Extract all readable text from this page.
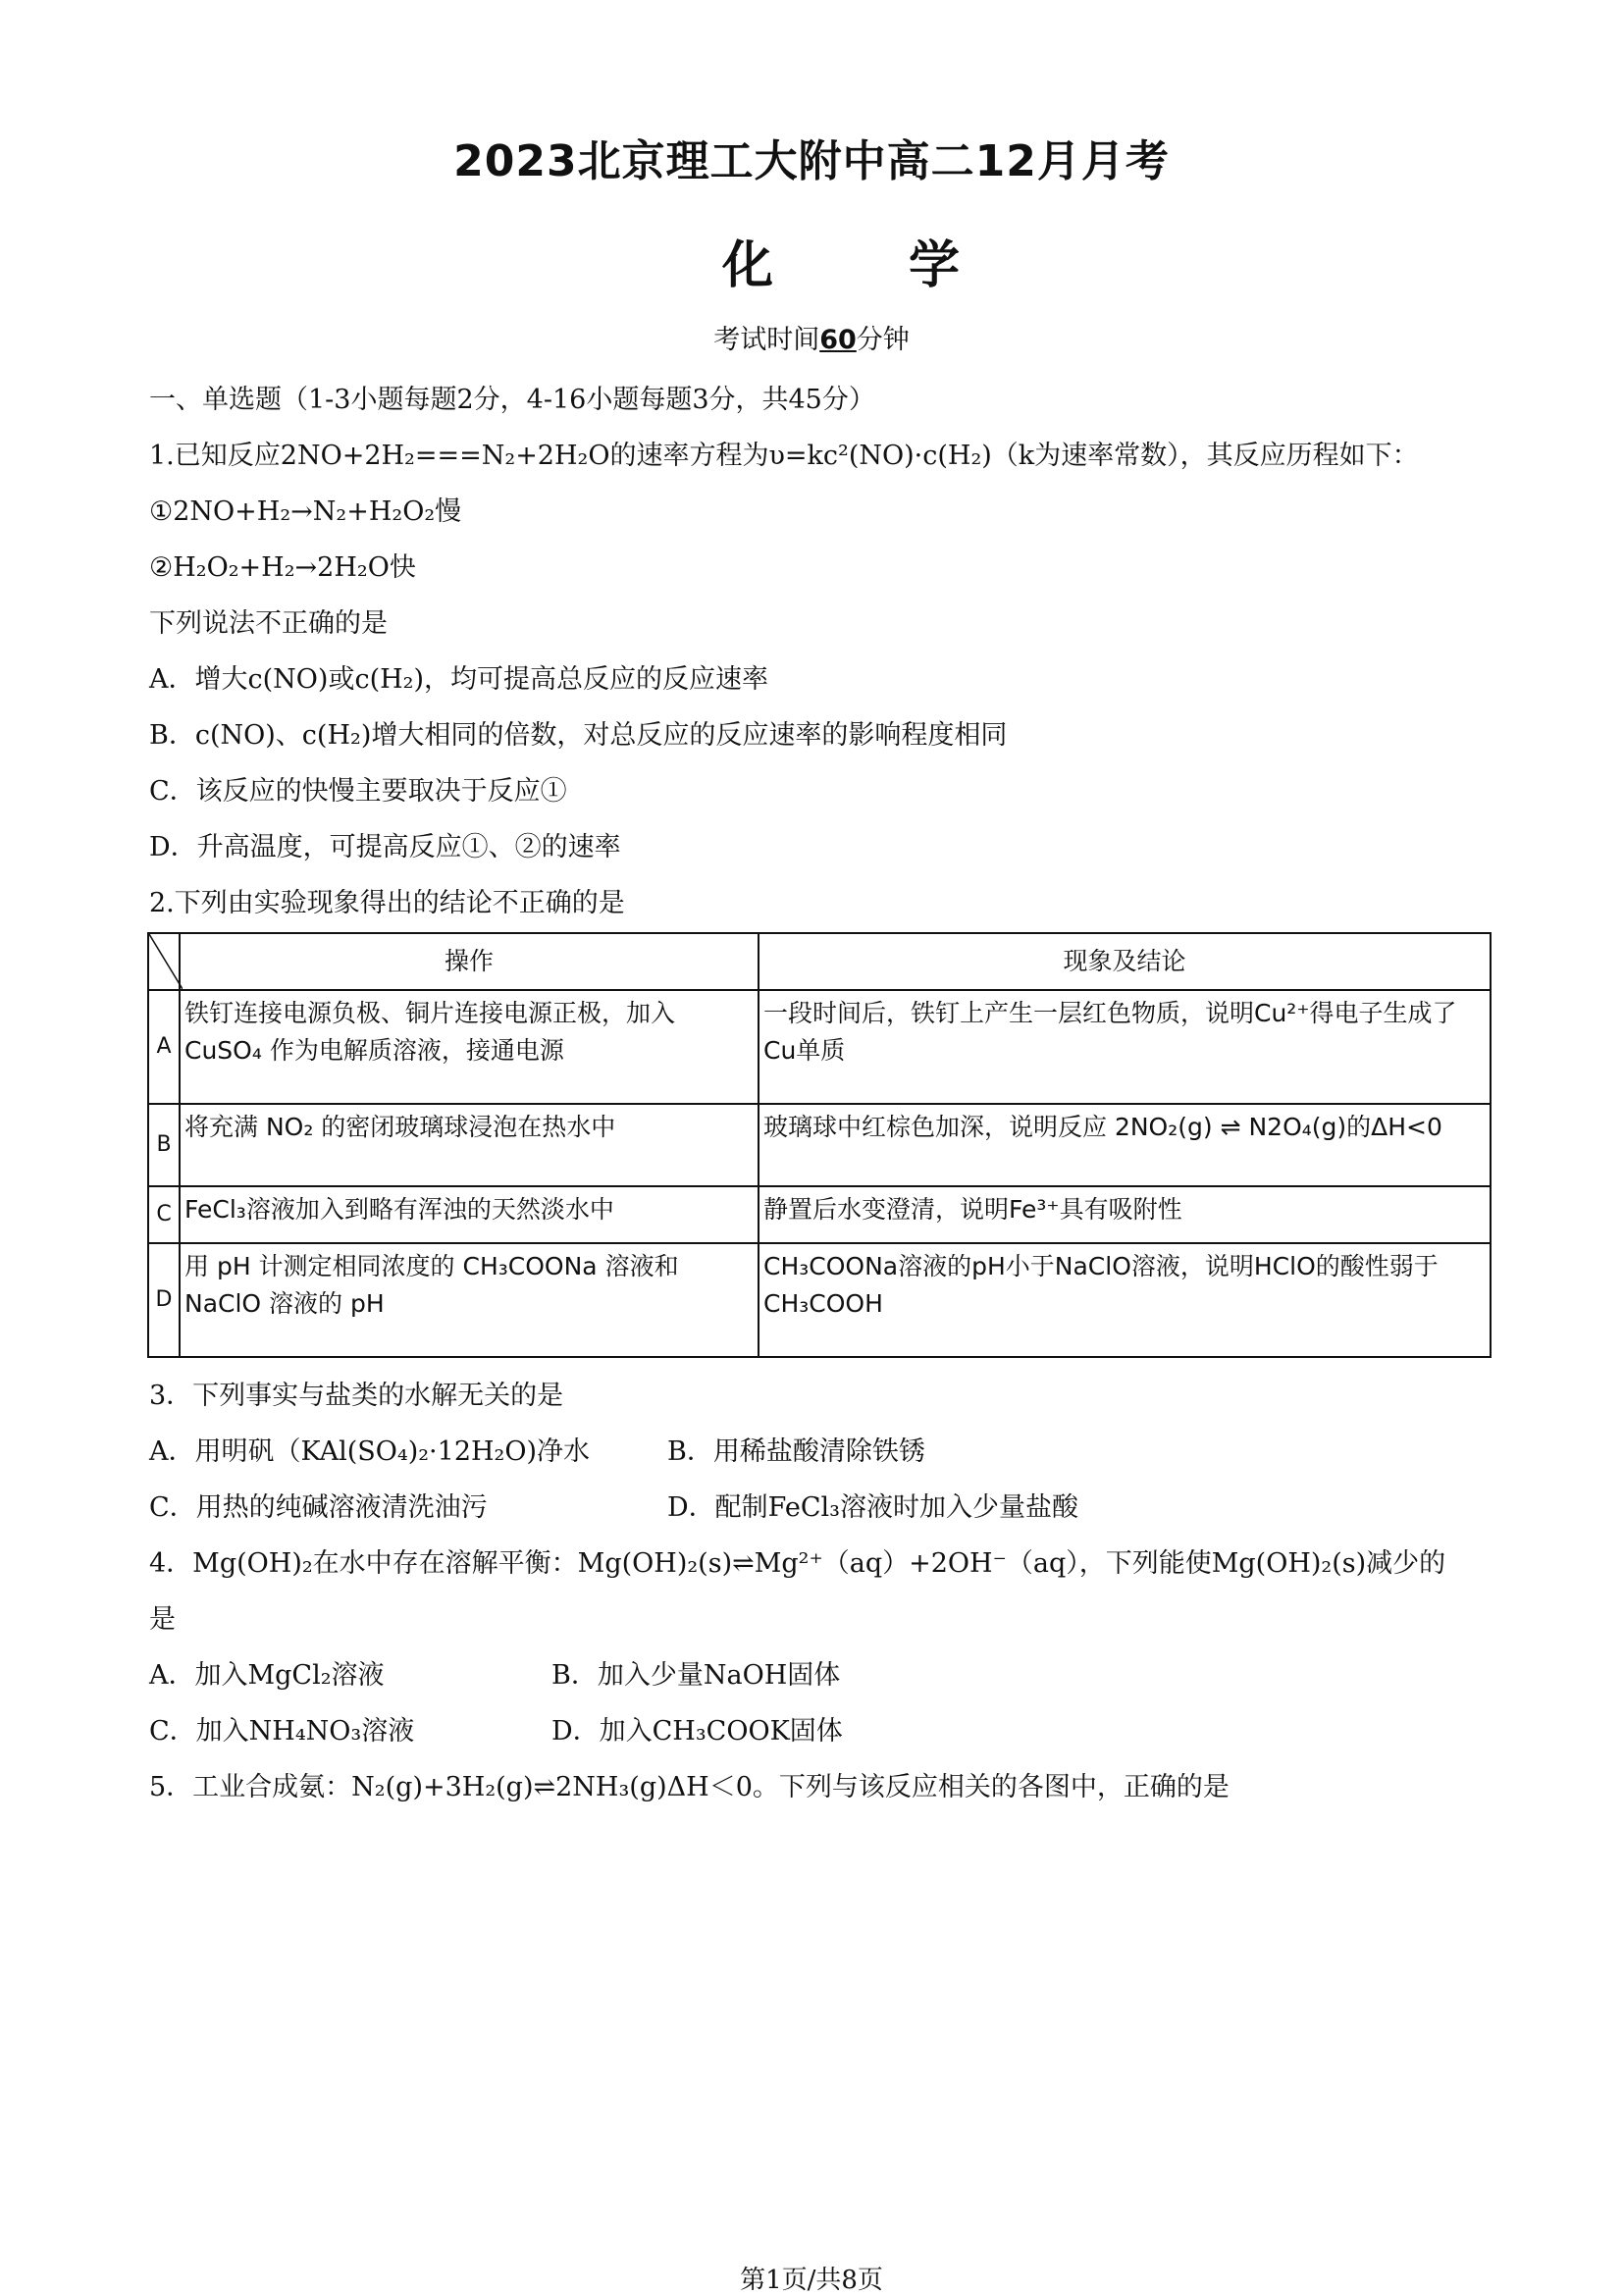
2023北京理工大附中高二12月月考
化 学
考试时间60分钟
一、单选题（1-3小题每题2分，4-16小题每题3分，共45分）
1.已知反应2NO+2H₂===N₂+2H₂O的速率方程为υ=kc²(NO)·c(H₂)（k为速率常数），其反应历程如下：
①2NO+H₂→N₂+H₂O₂慢
②H₂O₂+H₂→2H₂O快
下列说法不正确的是
A．增大c(NO)或c(H₂)，均可提高总反应的反应速率
B．c(NO)、c(H₂)增大相同的倍数，对总反应的反应速率的影响程度相同
C．该反应的快慢主要取决于反应①
D．升高温度，可提高反应①、②的速率
2.下列由实验现象得出的结论不正确的是
	操作	现象及结论
A	铁钉连接电源负极、铜片连接电源正极，加入 CuSO₄ 作为电解质溶液，接通电源	一段时间后，铁钉上产生一层红色物质，说明Cu²⁺得电子生成了Cu单质
B	将充满 NO₂ 的密闭玻璃球浸泡在热水中	玻璃球中红棕色加深，说明反应 2NO₂(g) ⇌ N2O₄(g)的ΔH<0
C	FeCl₃溶液加入到略有浑浊的天然淡水中	静置后水变澄清，说明Fe³⁺具有吸附性
D	用 pH 计测定相同浓度的 CH₃COONa 溶液和NaClO 溶液的 pH	CH₃COONa溶液的pH小于NaClO溶液，说明HClO的酸性弱于CH₃COOH
3．下列事实与盐类的水解无关的是
A．用明矾（KAl(SO₄)₂·12H₂O)净水	B．用稀盐酸清除铁锈
C．用热的纯碱溶液清洗油污	D．配制FeCl₃溶液时加入少量盐酸
4．Mg(OH)₂在水中存在溶解平衡：Mg(OH)₂(s)⇌Mg²⁺（aq）+2OH⁻（aq），下列能使Mg(OH)₂(s)减少的
是
A．加入MgCl₂溶液	B．加入少量NaOH固体
C．加入NH₄NO₃溶液	D．加入CH₃COOK固体
5．工业合成氨：N₂(g)+3H₂(g)⇌2NH₃(g)ΔH＜0。下列与该反应相关的各图中，正确的是
第1页/共8页
